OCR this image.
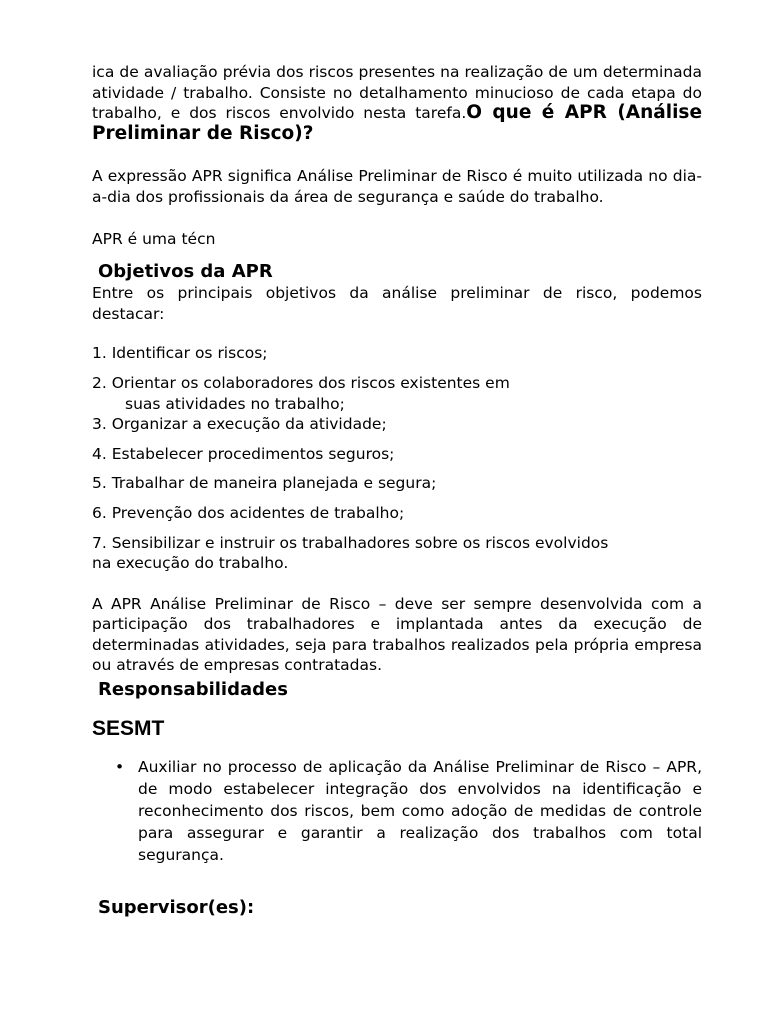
ica de avaliação prévia dos riscos presentes na realização de um determinada atividade / trabalho. Consiste no detalhamento minucioso de cada etapa do trabalho, e dos riscos envolvido nesta tarefa.O que é APR (Análise Preliminar de Risco)?

A expressão APR significa Análise Preliminar de Risco é muito utilizada no dia-a-dia dos profissionais da área de segurança e saúde do trabalho.

APR é uma técn

Objetivos da APR

Entre os principais objetivos da análise preliminar de risco, podemos destacar:

1. Identificar os riscos;
2. Orientar os colaboradores dos riscos existentes em
suas atividades no trabalho;
3. Organizar a execução da atividade;
4. Estabelecer procedimentos seguros;
5. Trabalhar de maneira planejada e segura;
6. Prevenção dos acidentes de trabalho;
7. Sensibilizar e instruir os trabalhadores sobre os riscos evolvidos
na execução do trabalho.

A APR Análise Preliminar de Risco – deve ser sempre desenvolvida com a participação dos trabalhadores e implantada antes da execução de determinadas atividades, seja para trabalhos realizados pela própria empresa ou através de empresas contratadas.

Responsabilidades
SESMT
• Auxiliar no processo de aplicação da Análise Preliminar de Risco – APR, de modo estabelecer integração dos envolvidos na identificação e reconhecimento dos riscos, bem como adoção de medidas de controle para assegurar e garantir a realização dos trabalhos com total segurança.
Supervisor(es):
